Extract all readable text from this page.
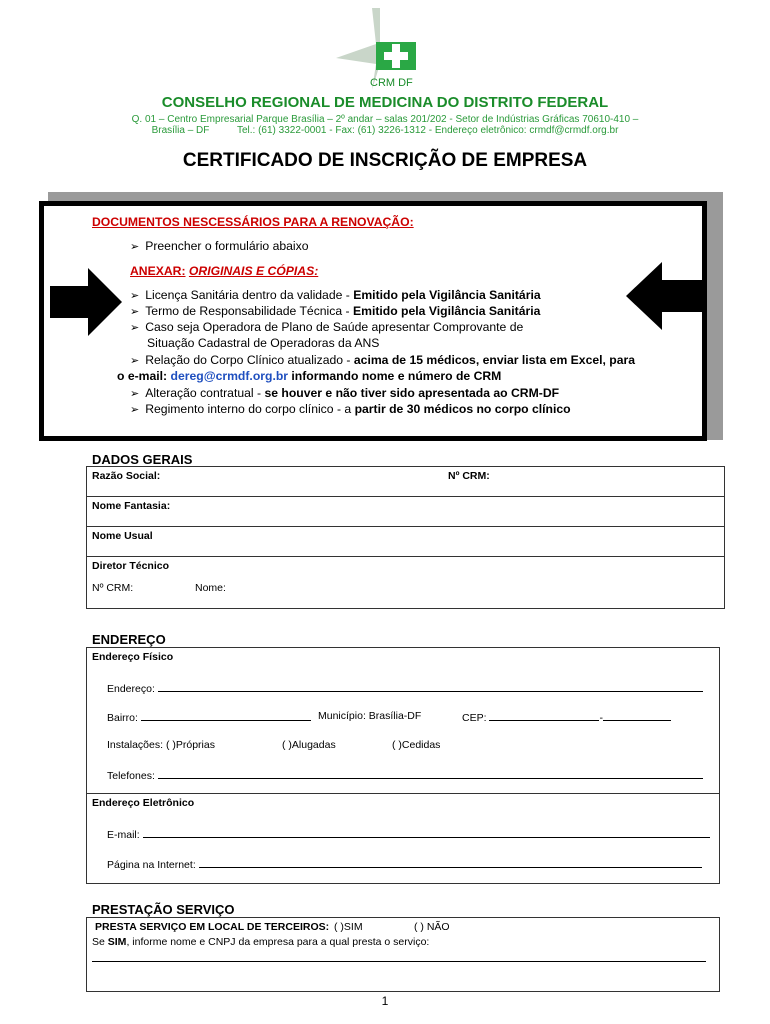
CRM DF
CONSELHO REGIONAL DE MEDICINA DO DISTRITO FEDERAL
Q. 01 – Centro Empresarial Parque Brasília – 2º andar – salas 201/202 - Setor de Indústrias Gráficas 70610-410 –
Brasília – DF          Tel.: (61) 3322-0001 - Fax: (61) 3226-1312 - Endereço eletrônico: crmdf@crmdf.org.br
CERTIFICADO DE INSCRIÇÃO DE EMPRESA
DOCUMENTOS NESCESSÁRIOS PARA A RENOVAÇÃO:
➢ Preencher o formulário abaixo
ANEXAR: ORIGINAIS E CÓPIAS:
➢ Licença Sanitária dentro da validade - Emitido pela Vigilância Sanitária
➢ Termo de Responsabilidade Técnica - Emitido pela Vigilância Sanitária
➢ Caso seja Operadora de Plano de Saúde apresentar Comprovante de
Situação Cadastral de Operadoras da ANS
➢ Relação do Corpo Clínico atualizado - acima de 15 médicos, enviar lista em Excel, para
o e-mail: dereg@crmdf.org.br informando nome e número de CRM
➢ Alteração contratual - se houver e não tiver sido apresentada ao CRM-DF
➢ Regimento interno do corpo clínico - a partir de 30 médicos no corpo clínico
DADOS GERAIS
Razão Social:	Nº CRM:
Nome Fantasia:
Nome Usual
Diretor Técnico
Nº CRM:	Nome:
ENDEREÇO
Endereço Físico
Endereço:
Bairro:	Município: Brasília-DF	CEP:	-
Instalações: ( )Próprias	( )Alugadas	( )Cedidas
Telefones:
Endereço Eletrônico
E-mail:
Página na Internet:
PRESTAÇÃO SERVIÇO
PRESTA SERVIÇO EM LOCAL DE TERCEIROS: ( )SIM	( ) NÃO
Se SIM, informe nome e CNPJ da empresa para a qual presta o serviço:
1
